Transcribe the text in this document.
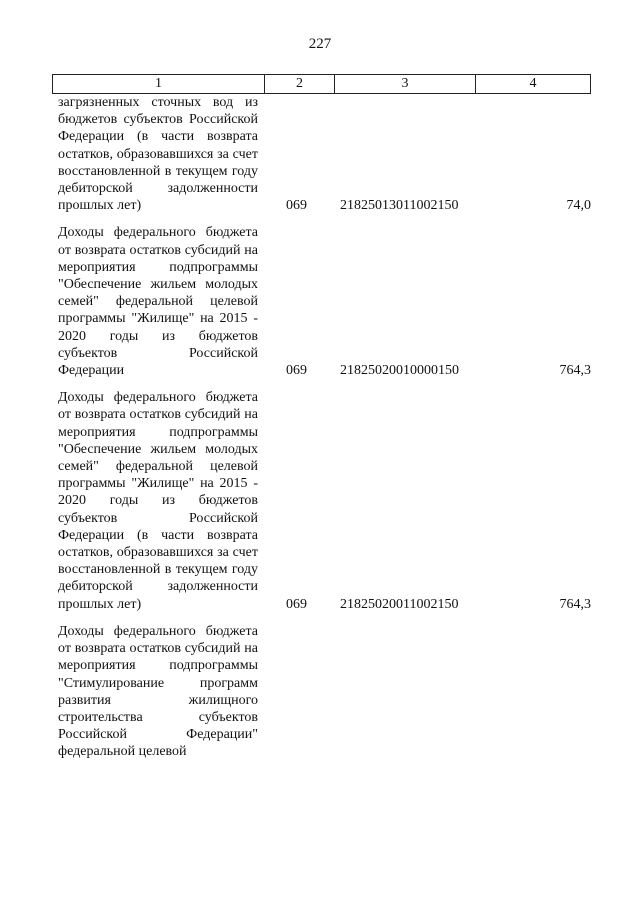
227
1	2	3	4
загрязненных сточных вод из бюджетов субъектов Российской Федерации (в части возврата остатков, образовавшихся за счет восстановленной в текущем году дебиторской задолженности прошлых лет)	069	21825013011002150	74,0
Доходы федерального бюджета от возврата остатков субсидий на мероприятия подпрограммы "Обеспечение жильем молодых семей" федеральной целевой программы "Жилище" на 2015 - 2020 годы из бюджетов субъектов Российской Федерации	069	21825020010000150	764,3
Доходы федерального бюджета от возврата остатков субсидий на мероприятия подпрограммы "Обеспечение жильем молодых семей" федеральной целевой программы "Жилище" на 2015 - 2020 годы из бюджетов субъектов Российской Федерации (в части возврата остатков, образовавшихся за счет восстановленной в текущем году дебиторской задолженности прошлых лет)	069	21825020011002150	764,3
Доходы федерального бюджета от возврата остатков субсидий на мероприятия подпрограммы "Стимулирование программ развития жилищного строительства субъектов Российской Федерации" федеральной целевой
